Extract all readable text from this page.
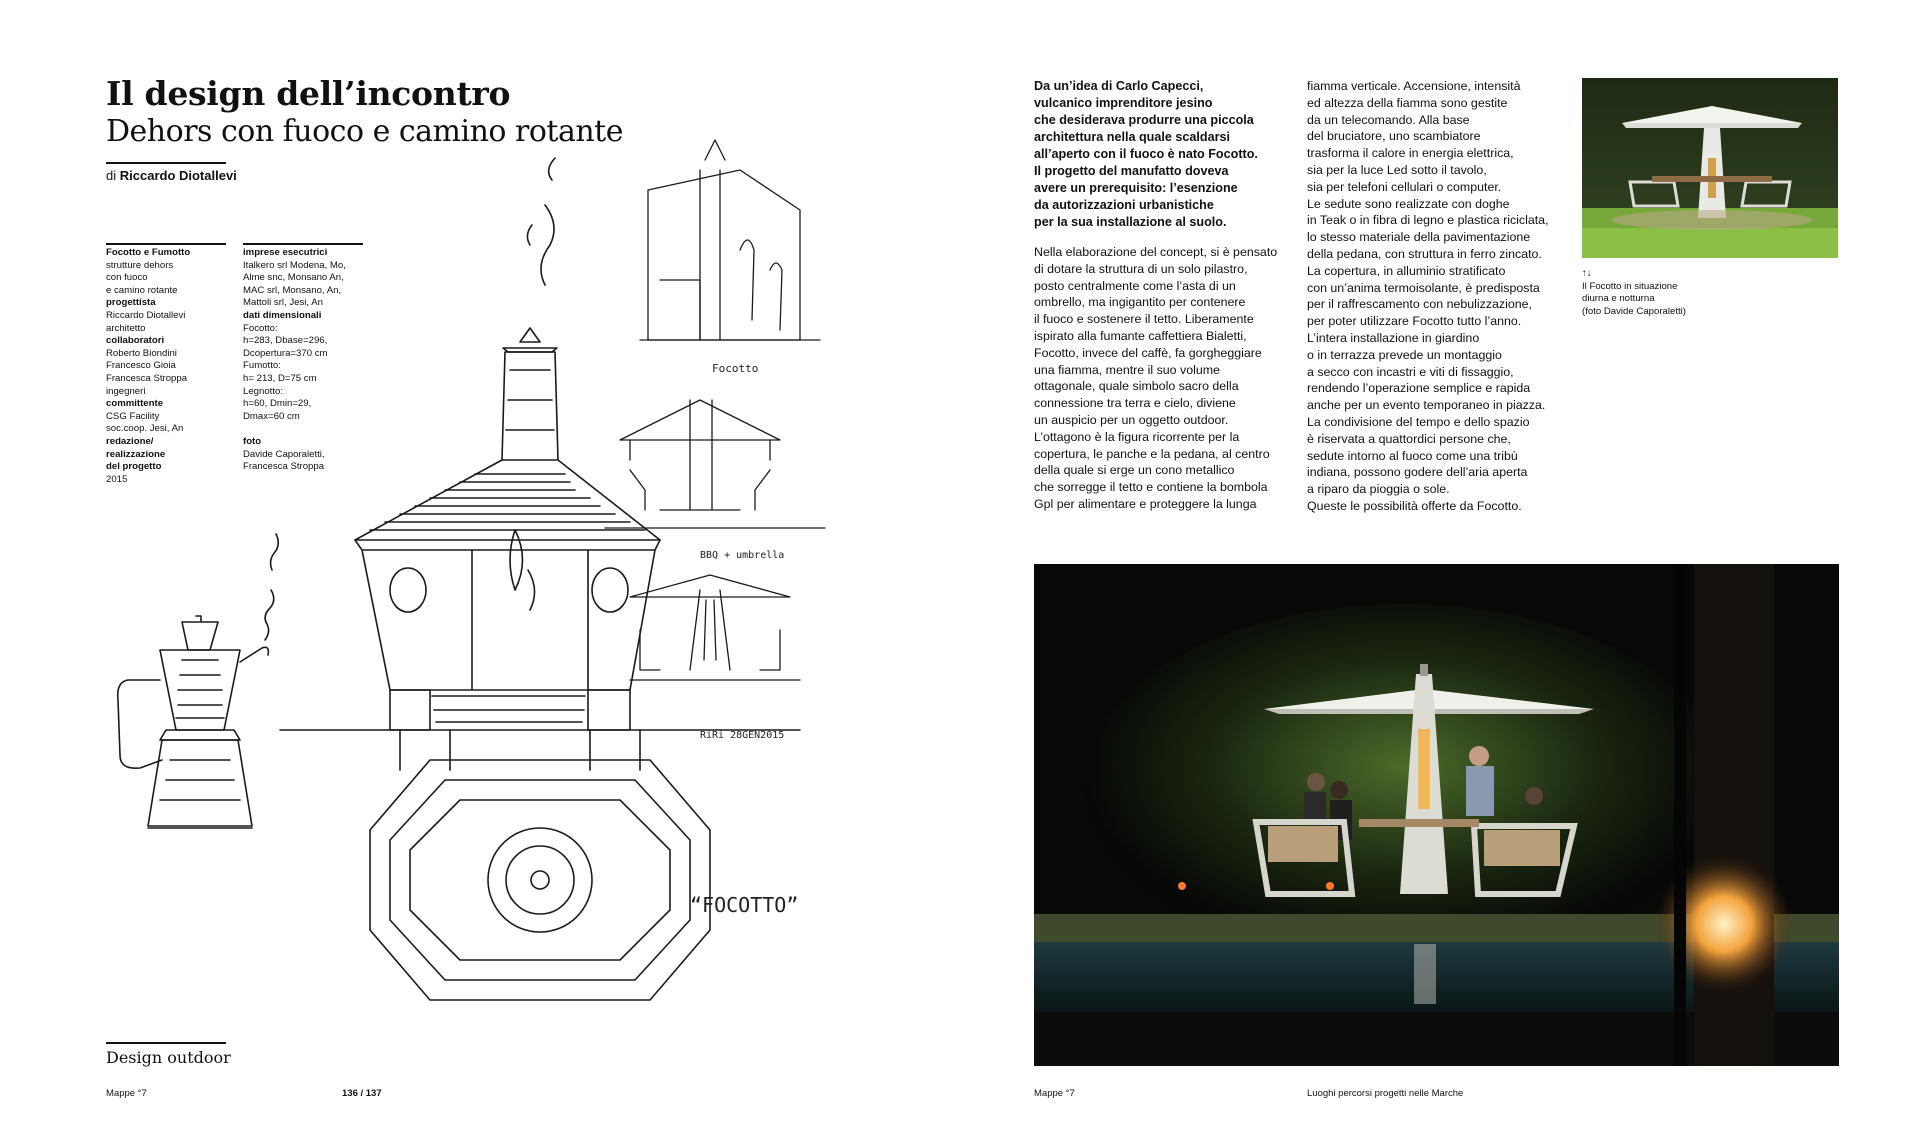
Il design dell’incontro
Dehors con fuoco e camino rotante
di Riccardo Diotallevi
Focotto e Fumotto
strutture dehors
con fuoco
e camino rotante
progettista
Riccardo Diotallevi
architetto
collaboratori
Roberto Biondini
Francesco Gioia
Francesca Stroppa
ingegneri
committente
CSG Facility
soc.coop. Jesi, An
redazione/
realizzazione
del progetto
2015
imprese esecutrici
Italkero srl Modena, Mo,
Alme snc, Monsano An,
MAC srl, Monsano, An,
Mattoli srl, Jesi, An
dati dimensionali
Focotto:
h=283, Dbase=296,
Dcopertura=370 cm
Fumotto:
h= 213, D=75 cm
Legnotto:
h=60, Dmin=29,
Dmax=60 cm

foto
Davide Caporaletti,
Francesca Stroppa
Focotto
BBQ + umbrella
RiRi 28GEN2015
“FOCOTTO”
Design outdoor
Mappe °7	136 / 137
Da un’idea di Carlo Capecci,
vulcanico imprenditore jesino
che desiderava produrre una piccola
architettura nella quale scaldarsi
all’aperto con il fuoco è nato Focotto.
Il progetto del manufatto doveva
avere un prerequisito: l’esenzione
da autorizzazioni urbanistiche
per la sua installazione al suolo.
Nella elaborazione del concept, si è pensato
di dotare la struttura di un solo pilastro,
posto centralmente come l’asta di un
ombrello, ma ingigantito per contenere
il fuoco e sostenere il tetto. Liberamente
ispirato alla fumante caffettiera Bialetti,
Focotto, invece del caffè, fa gorgheggiare
una fiamma, mentre il suo volume
ottagonale, quale simbolo sacro della
connessione tra terra e cielo, diviene
un auspicio per un oggetto outdoor.
L’ottagono è la figura ricorrente per la
copertura, le panche e la pedana, al centro
della quale si erge un cono metallico
che sorregge il tetto e contiene la bombola
Gpl per alimentare e proteggere la lunga
fiamma verticale. Accensione, intensità
ed altezza della fiamma sono gestite
da un telecomando. Alla base
del bruciatore, uno scambiatore
trasforma il calore in energia elettrica,
sia per la luce Led sotto il tavolo,
sia per telefoni cellulari o computer.
Le sedute sono realizzate con doghe
in Teak o in fibra di legno e plastica riciclata,
lo stesso materiale della pavimentazione
della pedana, con struttura in ferro zincato.
La copertura, in alluminio stratificato
con un’anima termoisolante, è predisposta
per il raffrescamento con nebulizzazione,
per poter utilizzare Focotto tutto l’anno.
L’intera installazione in giardino
o in terrazza prevede un montaggio
a secco con incastri e viti di fissaggio,
rendendo l’operazione semplice e rapida
anche per un evento temporaneo in piazza.
La condivisione del tempo e dello spazio
è riservata a quattordici persone che,
sedute intorno al fuoco come una tribù
indiana, possono godere dell’aria aperta
a riparo da pioggia o sole.
Queste le possibilità offerte da Focotto.
↑↓
Il Focotto in situazione
diurna e notturna
(foto Davide Caporaletti)
Mappe °7	Luoghi percorsi progetti nelle Marche
